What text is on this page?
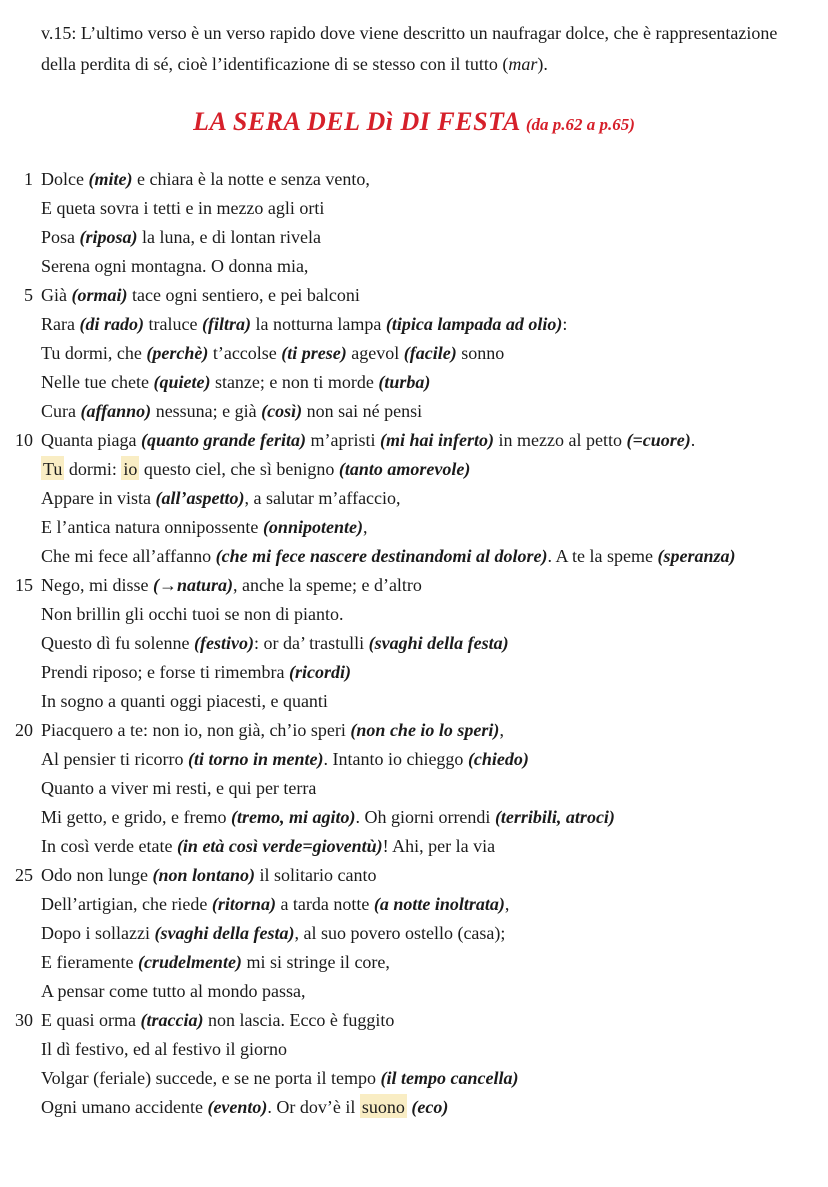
v.15: L’ultimo verso è un verso rapido dove viene descritto un naufragar dolce, che è rappresentazione
della perdita di sé, cioè l’identificazione di se stesso con il tutto (mar).
LA SERA DEL Dì DI FESTA (da p.62 a p.65)
1 Dolce (mite) e chiara è la notte e senza vento,
E queta sovra i tetti e in mezzo agli orti
Posa (riposa) la luna, e di lontan rivela
Serena ogni montagna. O donna mia,
5 Già (ormai) tace ogni sentiero, e pei balconi
Rara (di rado) traluce (filtra) la notturna lampa (tipica lampada ad olio):
Tu dormi, che (perchè) t’accolse (ti prese) agevol (facile) sonno
Nelle tue chete (quiete) stanze; e non ti morde (turba)
Cura (affanno) nessuna; e già (così) non sai né pensi
10 Quanta piaga (quanto grande ferita) m’apristi (mi hai inferto) in mezzo al petto (=cuore).
Tu dormi: io questo ciel, che sì benigno (tanto amorevole)
Appare in vista (all’aspetto), a salutar m’affaccio,
E l’antica natura onnipossente (onnipotente),
Che mi fece all’affanno (che mi fece nascere destinandomi al dolore). A te la speme (speranza)
15 Nego, mi disse (→natura), anche la speme; e d’altro
Non brillin gli occhi tuoi se non di pianto.
Questo dì fu solenne (festivo): or da’ trastulli (svaghi della festa)
Prendi riposo; e forse ti rimembra (ricordi)
In sogno a quanti oggi piacesti, e quanti
20 Piacquero a te: non io, non già, ch’io speri (non che io lo speri),
Al pensier ti ricorro (ti torno in mente). Intanto io chieggo (chiedo)
Quanto a viver mi resti, e qui per terra
Mi getto, e grido, e fremo (tremo, mi agito). Oh giorni orrendi (terribili, atroci)
In così verde etate (in età così verde=gioventù)! Ahi, per la via
25 Odo non lunge (non lontano) il solitario canto
Dell’artigian, che riede (ritorna) a tarda notte (a notte inoltrata),
Dopo i sollazzi (svaghi della festa), al suo povero ostello (casa);
E fieramente (crudelmente) mi si stringe il core,
A pensar come tutto al mondo passa,
30 E quasi orma (traccia) non lascia. Ecco è fuggito
Il dì festivo, ed al festivo il giorno
Volgar (feriale) succede, e se ne porta il tempo (il tempo cancella)
Ogni umano accidente (evento). Or dov’è il suono (eco)
